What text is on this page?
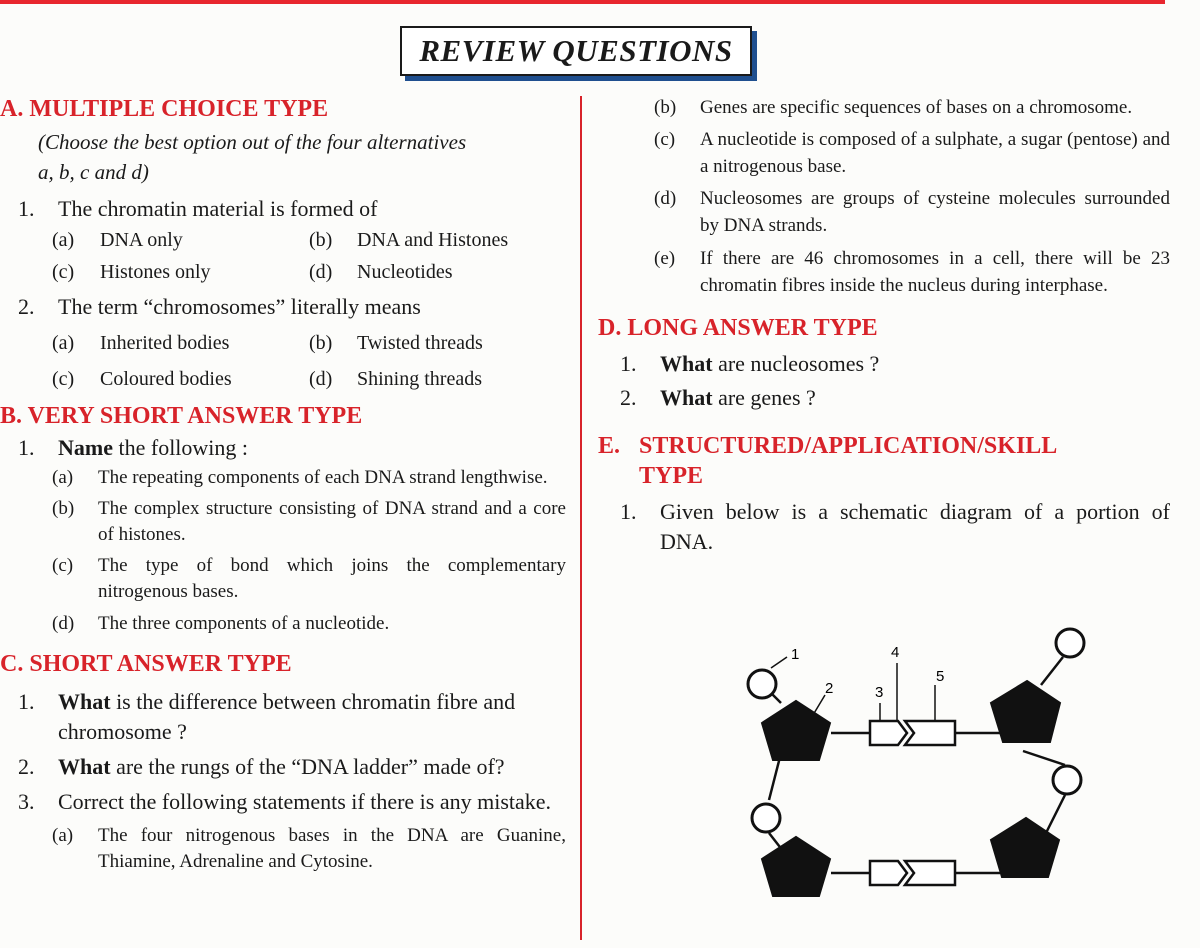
REVIEW QUESTIONS
A. MULTIPLE CHOICE TYPE
(Choose the best option out of the four alternatives
a, b, c and d)
1. The chromatin material is formed of
(a) DNA only	(b) DNA and Histones
(c) Histones only	(d) Nucleotides
2. The term “chromosomes” literally means
(a) Inherited bodies	(b) Twisted threads
(c) Coloured bodies	(d) Shining threads
B. VERY SHORT ANSWER TYPE
1. Name the following :
(a) The repeating components of each DNA strand lengthwise.
(b) The complex structure consisting of DNA strand and a core of histones.
(c) The type of bond which joins the complementary nitrogenous bases.
(d) The three components of a nucleotide.
C. SHORT ANSWER TYPE
1. What is the difference between chromatin fibre and chromosome ?
2. What are the rungs of the “DNA ladder” made of?
3. Correct the following statements if there is any mistake.
(a) The four nitrogenous bases in the DNA are Guanine, Thiamine, Adrenaline and Cytosine.
(b) Genes are specific sequences of bases on a chromosome.
(c) A nucleotide is composed of a sulphate, a sugar (pentose) and a nitrogenous base.
(d) Nucleosomes are groups of cysteine molecules surrounded by DNA strands.
(e) If there are 46 chromosomes in a cell, there will be 23 chromatin fibres inside the nucleus during interphase.
D. LONG ANSWER TYPE
1. What are nucleosomes ?
2. What are genes ?
E. STRUCTURED/APPLICATION/SKILL
TYPE
1. Given below is a schematic diagram of a portion of DNA.
1
2	3
4
5
